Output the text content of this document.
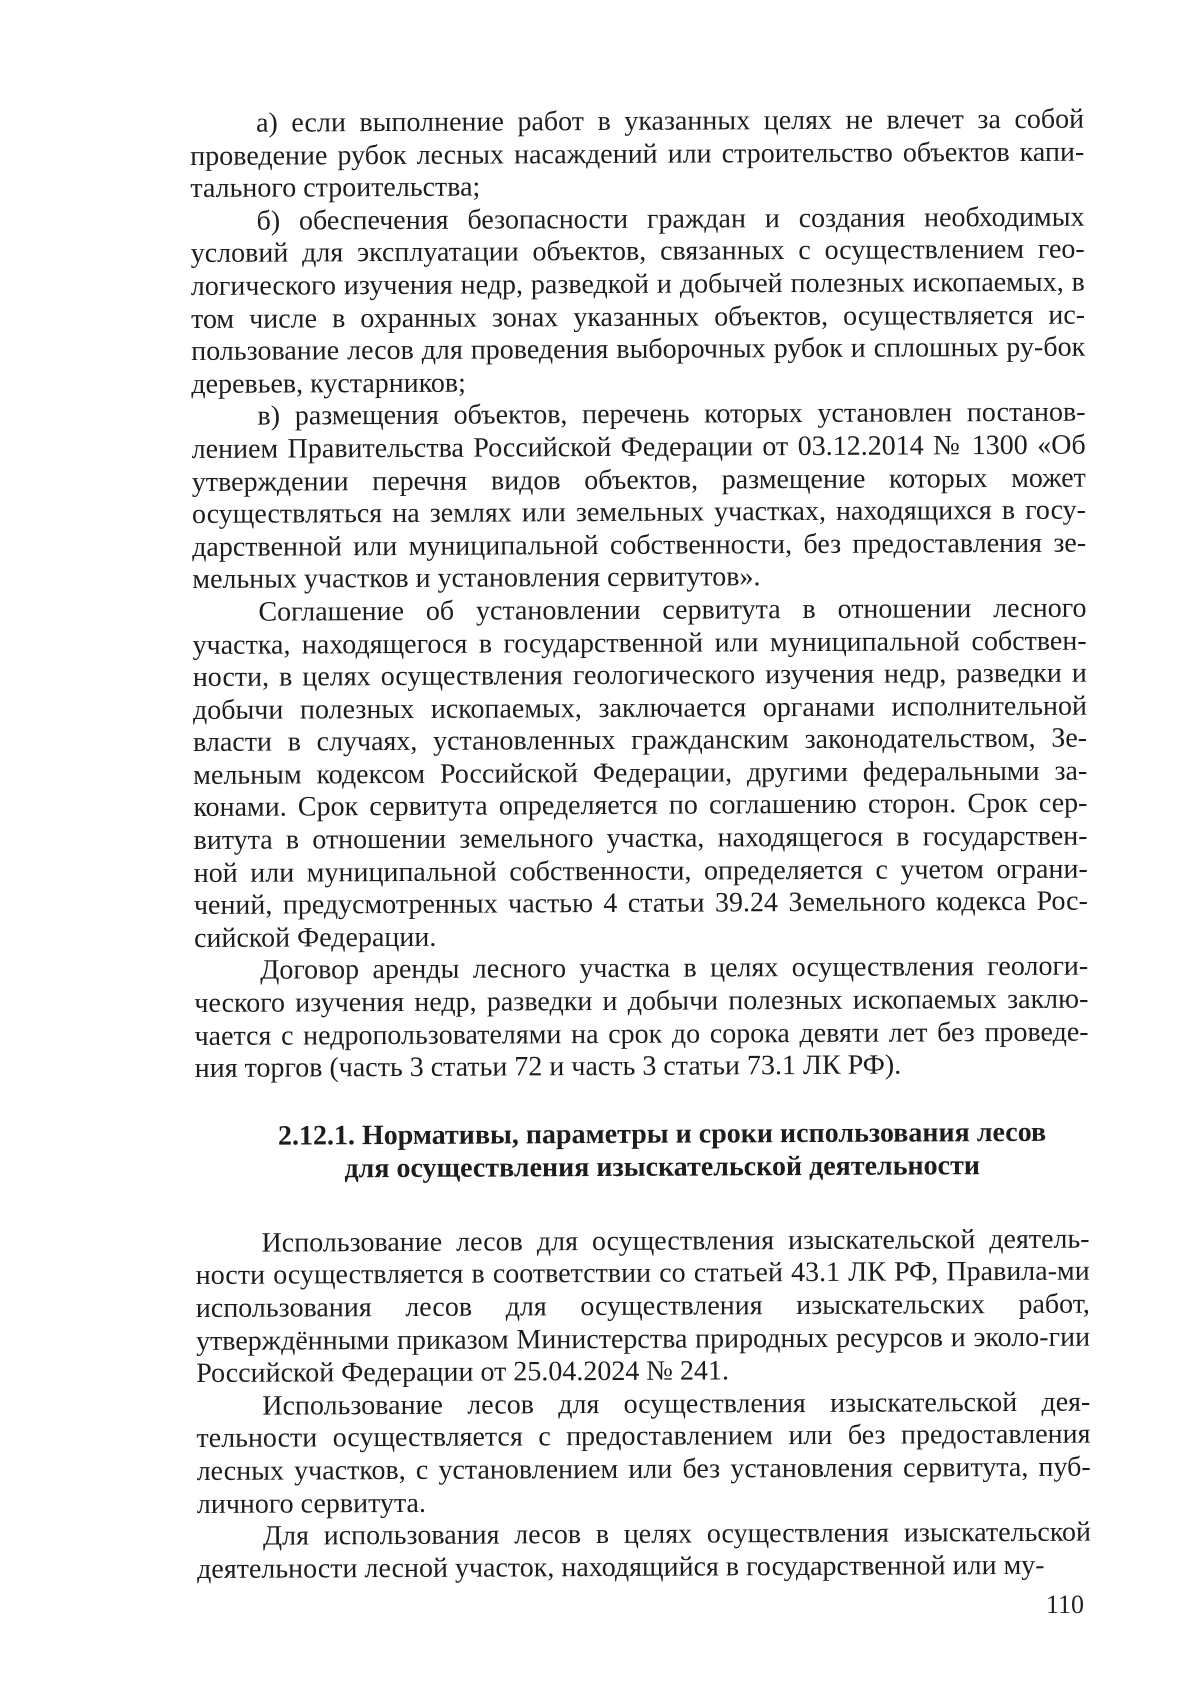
а) если выполнение работ в указанных целях не влечет за собой проведение рубок лесных насаждений или строительство объектов капи-тального строительства;

б) обеспечения безопасности граждан и создания необходимых условий для эксплуатации объектов, связанных с осуществлением гео-логического изучения недр, разведкой и добычей полезных ископаемых, в том числе в охранных зонах указанных объектов, осуществляется ис-пользование лесов для проведения выборочных рубок и сплошных ру-бок деревьев, кустарников;

в) размещения объектов, перечень которых установлен постанов-лением Правительства Российской Федерации от 03.12.2014 № 1300 «Об утверждении перечня видов объектов, размещение которых может осуществляться на землях или земельных участках, находящихся в госу-дарственной или муниципальной собственности, без предоставления зе-мельных участков и установления сервитутов».

Соглашение об установлении сервитута в отношении лесного участка, находящегося в государственной или муниципальной собствен-ности, в целях осуществления геологического изучения недр, разведки и добычи полезных ископаемых, заключается органами исполнительной власти в случаях, установленных гражданским законодательством, Зе-мельным кодексом Российской Федерации, другими федеральными за-конами. Срок сервитута определяется по соглашению сторон. Срок сер-витута в отношении земельного участка, находящегося в государствен-ной или муниципальной собственности, определяется с учетом ограни-чений, предусмотренных частью 4 статьи 39.24 Земельного кодекса Рос-сийской Федерации.

Договор аренды лесного участка в целях осуществления геологи-ческого изучения недр, разведки и добычи полезных ископаемых заклю-чается с недропользователями на срок до сорока девяти лет без проведе-ния торгов (часть 3 статьи 72 и часть 3 статьи 73.1 ЛК РФ).

2.12.1. Нормативы, параметры и сроки использования лесов
для осуществления изыскательской деятельности

Использование лесов для осуществления изыскательской деятель-ности осуществляется в соответствии со статьей 43.1 ЛК РФ, Правила-ми использования лесов для осуществления изыскательских работ, утверждёнными приказом Министерства природных ресурсов и эколо-гии Российской Федерации от 25.04.2024 № 241.

Использование лесов для осуществления изыскательской дея-тельности осуществляется с предоставлением или без предоставления лесных участков, с установлением или без установления сервитута, пуб-личного сервитута.

Для использования лесов в целях осуществления изыскательской деятельности лесной участок, находящийся в государственной или му-

110
